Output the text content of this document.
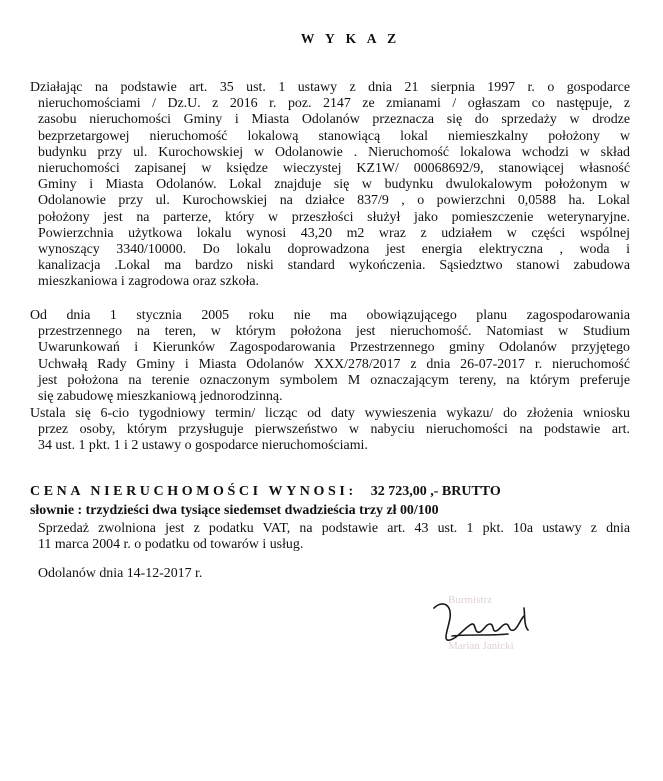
W Y K A Z
Działając na podstawie art. 35 ust. 1 ustawy z dnia 21 sierpnia 1997 r. o gospodarce
nieruchomościami / Dz.U. z 2016 r. poz. 2147 ze zmianami / ogłaszam co następuje, z
zasobu nieruchomości Gminy i Miasta Odolanów przeznacza się do sprzedaży w drodze
bezprzetargowej nieruchomość lokalową stanowiącą lokal niemieszkalny położony w
budynku przy ul. Kurochowskiej w Odolanowie . Nieruchomość lokalowa wchodzi w skład
nieruchomości zapisanej w księdze wieczystej KZ1W/ 00068692/9, stanowiącej własność
Gminy i Miasta Odolanów. Lokal znajduje się w budynku dwulokalowym położonym w
Odolanowie przy ul. Kurochowskiej na działce 837/9 , o powierzchni 0,0588 ha. Lokal
położony jest na parterze, który w przeszłości służył jako pomieszczenie weterynaryjne.
Powierzchnia użytkowa lokalu wynosi 43,20 m2 wraz z udziałem w części wspólnej
wynoszący 3340/10000. Do lokalu doprowadzona jest energia elektryczna , woda i
kanalizacja .Lokal ma bardzo niski standard wykończenia. Sąsiedztwo stanowi zabudowa
mieszkaniowa i zagrodowa oraz szkoła.
Od dnia 1 stycznia 2005 roku nie ma obowiązującego planu zagospodarowania
przestrzennego na teren, w którym położona jest nieruchomość. Natomiast w Studium
Uwarunkowań i Kierunków Zagospodarowania Przestrzennego gminy Odolanów przyjętego
Uchwałą Rady Gminy i Miasta Odolanów XXX/278/2017 z dnia 26-07-2017 r. nieruchomość
jest położona na terenie oznaczonym symbolem M oznaczającym tereny, na którym preferuje
się zabudowę mieszkaniową jednorodzinną.
Ustala się 6-cio tygodniowy termin/ licząc od daty wywieszenia wykazu/ do złożenia wniosku
przez osoby, którym przysługuje pierwszeństwo w nabyciu nieruchomości na podstawie art.
34 ust. 1 pkt. 1 i 2 ustawy o gospodarce nieruchomościami.
CENA NIERUCHOMOŚCI WYNOSI: 32 723,00 ,- BRUTTO
słownie : trzydzieści dwa tysiące siedemset dwadzieścia trzy zł 00/100
Sprzedaż zwolniona jest z podatku VAT, na podstawie art. 43 ust. 1 pkt. 10a ustawy z dnia
11 marca 2004 r. o podatku od towarów i usług.
Odolanów dnia 14-12-2017 r.
Burmistrz
Marian Janicki
